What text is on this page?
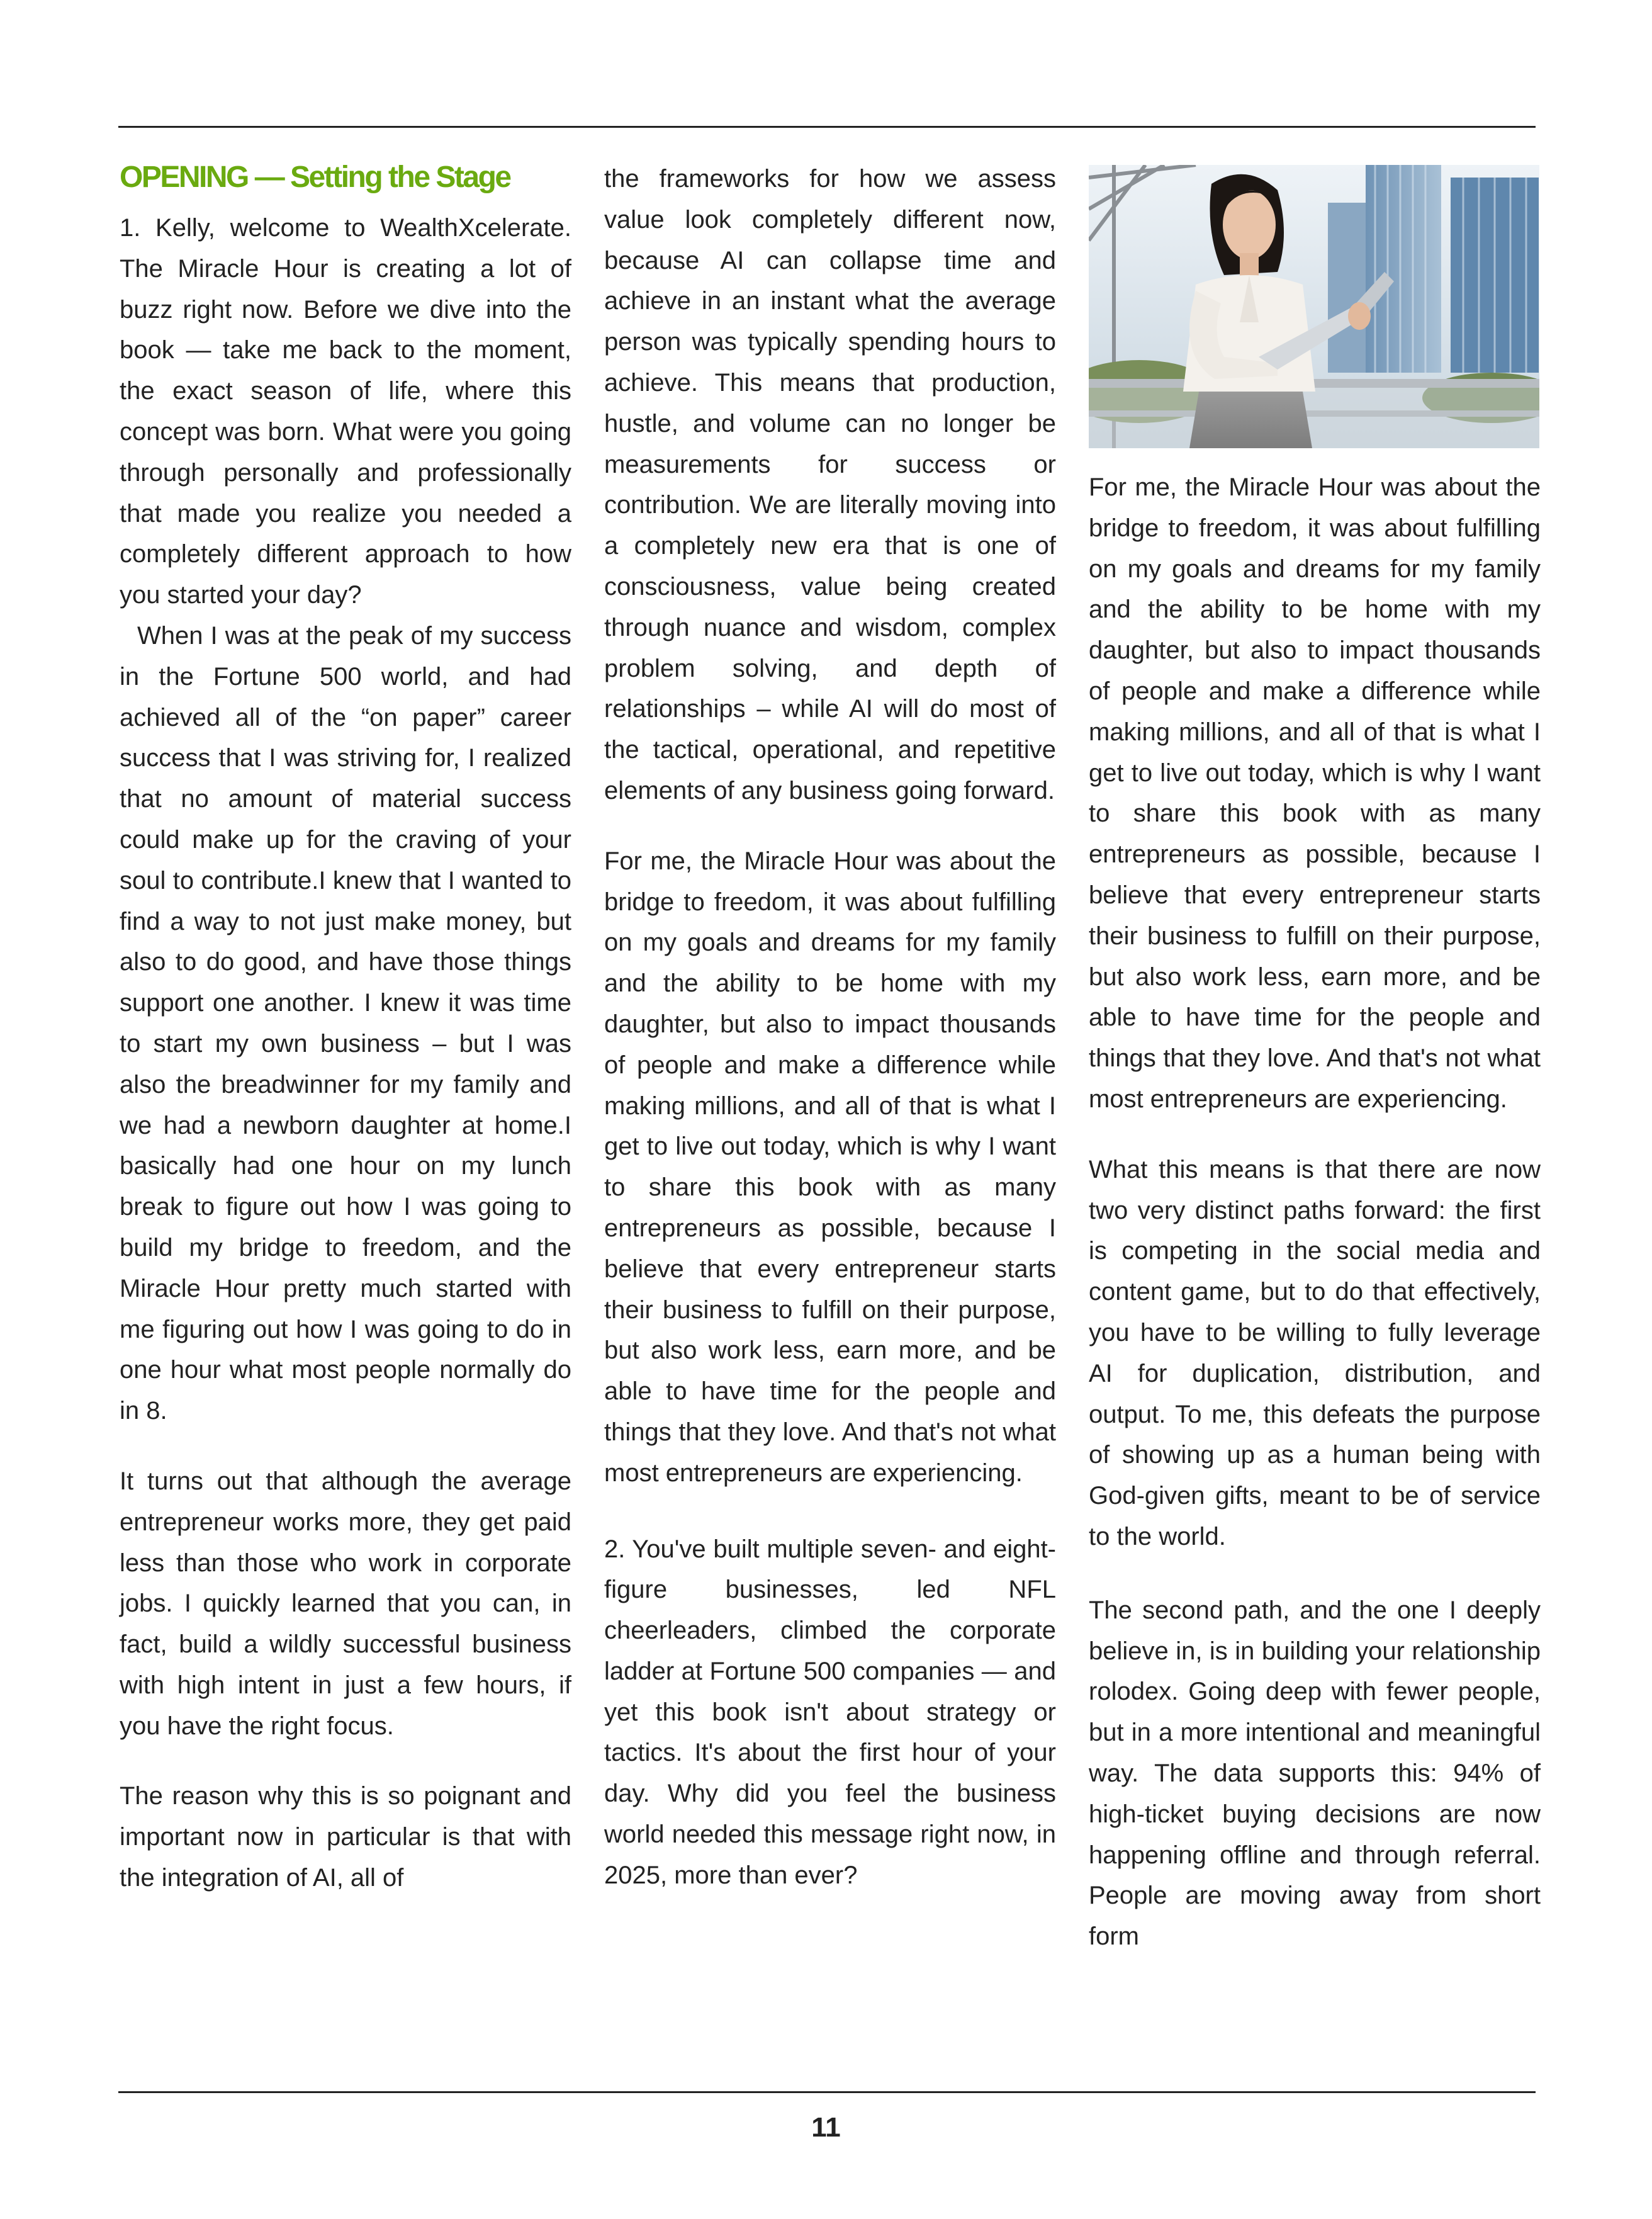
OPENING — Setting the Stage

1. Kelly, welcome to WealthXcelerate. The Miracle Hour is creating a lot of buzz right now. Before we dive into the book — take me back to the moment, the exact season of life, where this concept was born. What were you going through personally and professionally that made you realize you needed a completely different approach to how you started your day?

When I was at the peak of my success in the Fortune 500 world, and had achieved all of the “on paper” career success that I was striving for, I realized that no amount of material success could make up for the craving of your soul to contribute.I knew that I wanted to find a way to not just make money, but also to do good, and have those things support one another. I knew it was time to start my own business – but I was also the breadwinner for my family and we had a newborn daughter at home.I basically had one hour on my lunch break to figure out how I was going to build my bridge to freedom, and the Miracle Hour pretty much started with me figuring out how I was going to do in one hour what most people normally do in 8.

It turns out that although the average entrepreneur works more, they get paid less than those who work in corporate jobs. I quickly learned that you can, in fact, build a wildly successful business with high intent in just a few hours, if you have the right focus.

The reason why this is so poignant and important now in particular is that with the integration of AI, all of

the frameworks for how we assess value look completely different now, because AI can collapse time and achieve in an instant what the average person was typically spending hours to achieve. This means that production, hustle, and volume can no longer be measurements for success or contribution. We are literally moving into a completely new era that is one of consciousness, value being created through nuance and wisdom, complex problem solving, and depth of relationships – while AI will do most of the tactical, operational, and repetitive elements of any business going forward.

For me, the Miracle Hour was about the bridge to freedom, it was about fulfilling on my goals and dreams for my family and the ability to be home with my daughter, but also to impact thousands of people and make a difference while making millions, and all of that is what I get to live out today, which is why I want to share this book with as many entrepreneurs as possible, because I believe that every entrepreneur starts their business to fulfill on their purpose, but also work less, earn more, and be able to have time for the people and things that they love. And that's not what most entrepreneurs are experiencing.

2. You've built multiple seven- and eight-figure businesses, led NFL cheerleaders, climbed the corporate ladder at Fortune 500 companies — and yet this book isn't about strategy or tactics. It's about the first hour of your day. Why did you feel the business world needed this message right now, in 2025, more than ever?

For me, the Miracle Hour was about the bridge to freedom, it was about fulfilling on my goals and dreams for my family and the ability to be home with my daughter, but also to impact thousands of people and make a difference while making millions, and all of that is what I get to live out today, which is why I want to share this book with as many entrepreneurs as possible, because I believe that every entrepreneur starts their business to fulfill on their purpose, but also work less, earn more, and be able to have time for the people and things that they love. And that's not what most entrepreneurs are experiencing.

What this means is that there are now two very distinct paths forward: the first is competing in the social media and content game, but to do that effectively, you have to be willing to fully leverage AI for duplication, distribution, and output. To me, this defeats the purpose of showing up as a human being with God-given gifts, meant to be of service to the world.

The second path, and the one I deeply believe in, is in building your relationship rolodex. Going deep with fewer people, but in a more intentional and meaningful way. The data supports this: 94% of high-ticket buying decisions are now happening offline and through referral. People are moving away from short form

11
